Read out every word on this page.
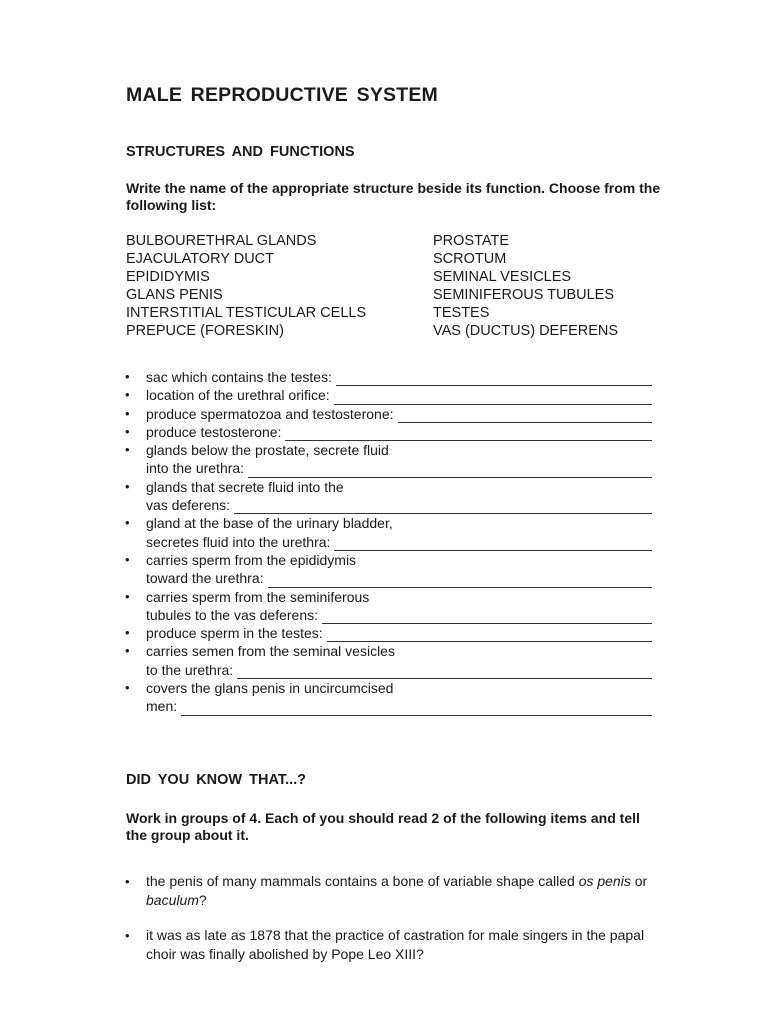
MALE REPRODUCTIVE SYSTEM
STRUCTURES AND FUNCTIONS
Write the name of the appropriate structure beside its function. Choose from the following list:
BULBOURETHRAL GLANDS
EJACULATORY DUCT
EPIDIDYMIS
GLANS PENIS
INTERSTITIAL TESTICULAR CELLS
PREPUCE (FORESKIN)
PROSTATE
SCROTUM
SEMINAL VESICLES
SEMINIFEROUS TUBULES
TESTES
VAS (DUCTUS) DEFERENS
• sac which contains the testes:
• location of the urethral orifice:
• produce spermatozoa and testosterone:
• produce testosterone:
• glands below the prostate, secrete fluid
into the urethra:
• glands that secrete fluid into the
vas deferens:
• gland at the base of the urinary bladder,
secretes fluid into the urethra:
• carries sperm from the epididymis
toward the urethra:
• carries sperm from the seminiferous
tubules to the vas deferens:
• produce sperm in the testes:
• carries semen from the seminal vesicles
to the urethra:
• covers the glans penis in uncircumcised
men:
DID YOU KNOW THAT...?
Work in groups of 4. Each of you should read 2 of the following items and tell the group about it.
• the penis of many mammals contains a bone of variable shape called os penis or baculum?
• it was as late as 1878 that the practice of castration for male singers in the papal choir was finally abolished by Pope Leo XIII?
